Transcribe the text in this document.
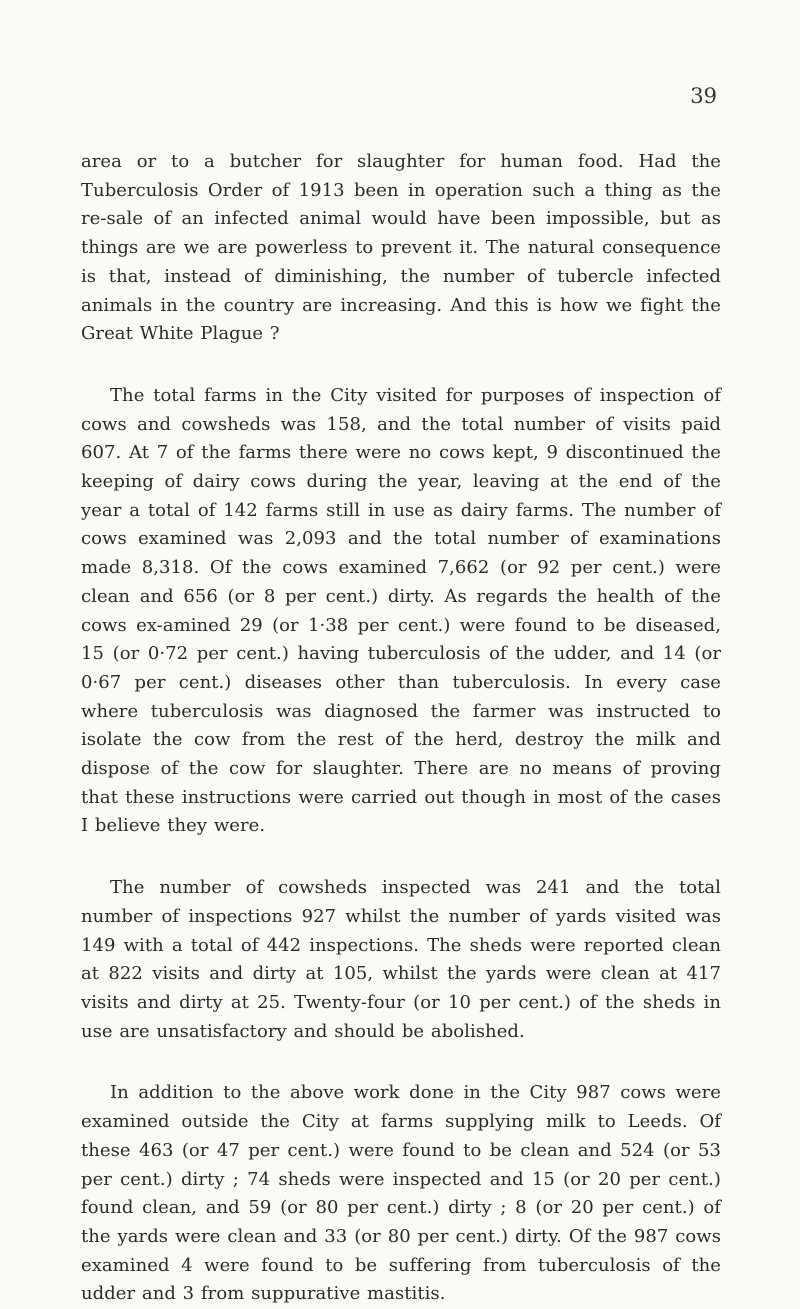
39

area or to a butcher for slaughter for human food. Had the Tuberculosis Order of 1913 been in operation such a thing as the re-sale of an infected animal would have been impossible, but as things are we are powerless to prevent it. The natural consequence is that, instead of diminishing, the number of tubercle infected animals in the country are increasing. And this is how we fight the Great White Plague ?

The total farms in the City visited for purposes of inspection of cows and cowsheds was 158, and the total number of visits paid 607. At 7 of the farms there were no cows kept, 9 discontinued the keeping of dairy cows during the year, leaving at the end of the year a total of 142 farms still in use as dairy farms. The number of cows examined was 2,093 and the total number of examinations made 8,318. Of the cows examined 7,662 (or 92 per cent.) were clean and 656 (or 8 per cent.) dirty. As regards the health of the cows ex-amined 29 (or 1·38 per cent.) were found to be diseased, 15 (or 0·72 per cent.) having tuberculosis of the udder, and 14 (or 0·67 per cent.) diseases other than tuberculosis. In every case where tuberculosis was diagnosed the farmer was instructed to isolate the cow from the rest of the herd, destroy the milk and dispose of the cow for slaughter. There are no means of proving that these instructions were carried out though in most of the cases I believe they were.

The number of cowsheds inspected was 241 and the total number of inspections 927 whilst the number of yards visited was 149 with a total of 442 inspections. The sheds were reported clean at 822 visits and dirty at 105, whilst the yards were clean at 417 visits and dirty at 25. Twenty-four (or 10 per cent.) of the sheds in use are unsatisfactory and should be abolished.

In addition to the above work done in the City 987 cows were examined outside the City at farms supplying milk to Leeds. Of these 463 (or 47 per cent.) were found to be clean and 524 (or 53 per cent.) dirty ; 74 sheds were inspected and 15 (or 20 per cent.) found clean, and 59 (or 80 per cent.) dirty ; 8 (or 20 per cent.) of the yards were clean and 33 (or 80 per cent.) dirty. Of the 987 cows examined 4 were found to be suffering from tuberculosis of the udder and 3 from suppurative mastitis.
